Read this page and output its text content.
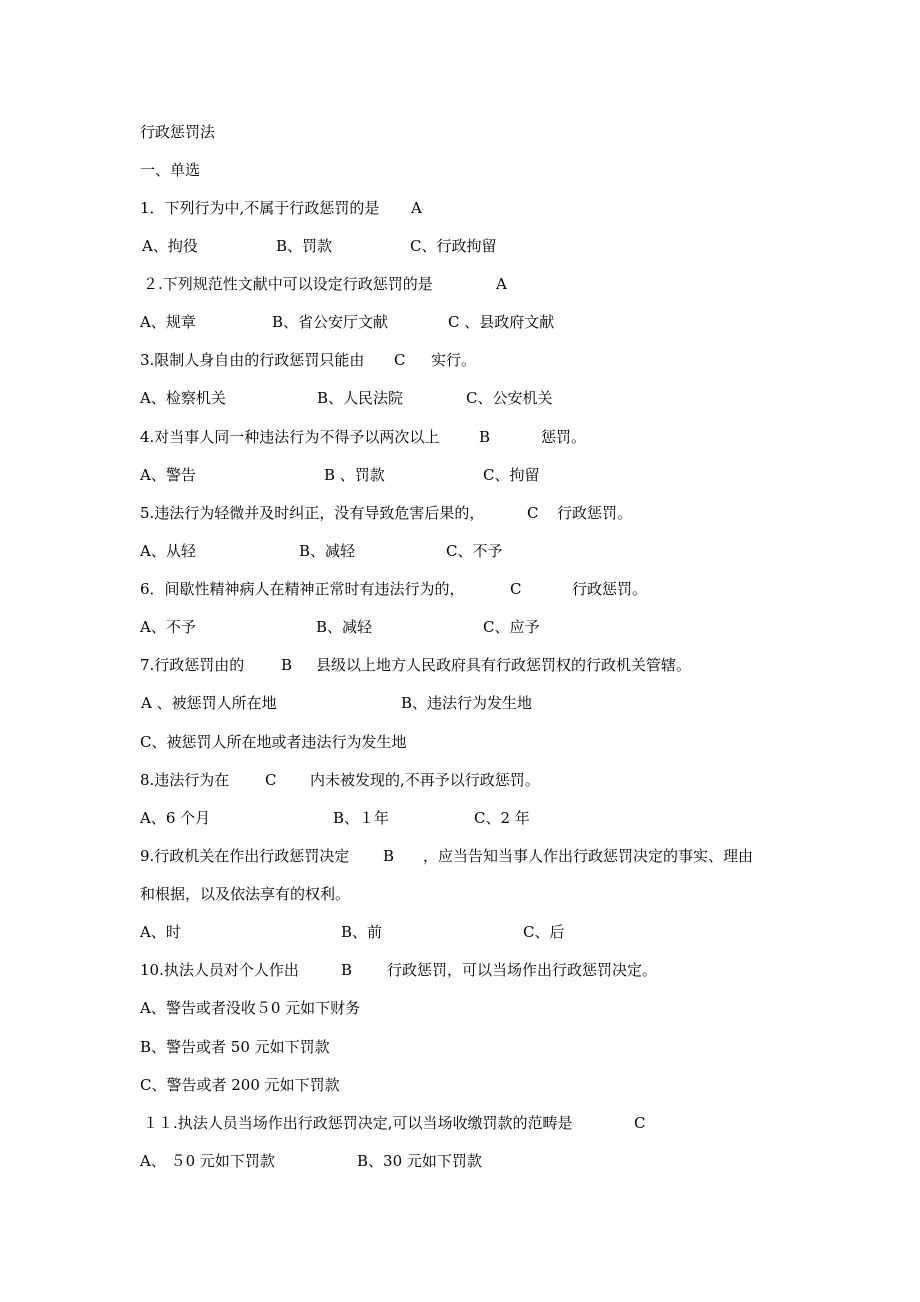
行政惩罚法
一、单选
1．下列行为中,不属于行政惩罚的是 A
A、拘役	B、罚款	C、行政拘留
２.下列规范性文献中可以设定行政惩罚的是	A
A、规章	B、省公安厅文献	C 、县政府文献
3.限制人身自由的行政惩罚只能由 C 实行。
A、检察机关	B、人民法院	C、公安机关
4.对当事人同一种违法行为不得予以两次以上	B	惩罚。
A、警告	B 、罚款	C、拘留
5.违法行为轻微并及时纠正，没有导致危害后果的，	C 行政惩罚。
A、从轻	B、减轻	C、不予
6．间歇性精神病人在精神正常时有违法行为的，	C	行政惩罚。
A、不予	B、减轻	C、应予
7.行政惩罚由的 B 县级以上地方人民政府具有行政惩罚权的行政机关管辖。
A 、被惩罚人所在地	B、违法行为发生地
C、被惩罚人所在地或者违法行为发生地
8.违法行为在 C 内未被发现的,不再予以行政惩罚。
A、6 个月	B、１年	C、2 年
9.行政机关在作出行政惩罚决定 B ，应当告知当事人作出行政惩罚决定的事实、理由
和根据，以及依法享有的权利。
A、时	B、前	C、后
10.执法人员对个人作出	B 行政惩罚，可以当场作出行政惩罚决定。
A、警告或者没收５0 元如下财务
B、警告或者 50 元如下罚款
C、警告或者 200 元如下罚款
１１.执法人员当场作出行政惩罚决定,可以当场收缴罚款的范畴是	C
A、 ５0 元如下罚款	B、30 元如下罚款
